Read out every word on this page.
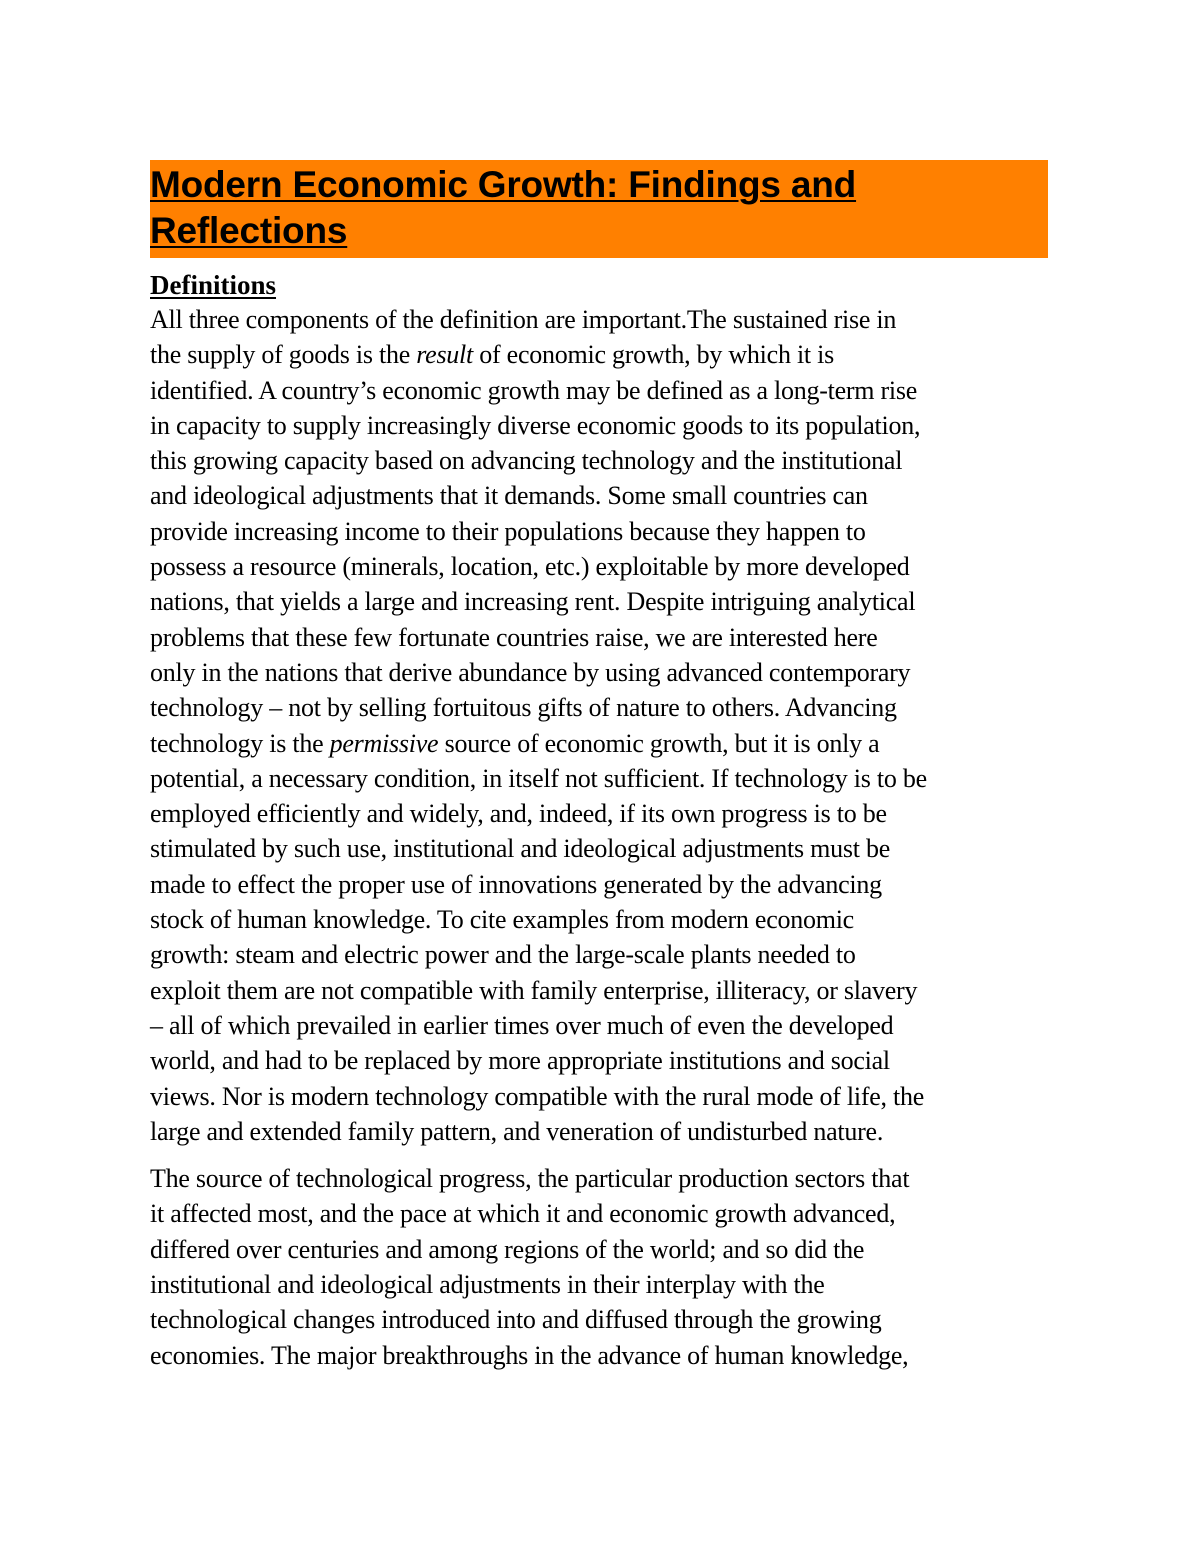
Modern Economic Growth: Findings and
Reflections
Definitions

All three components of the definition are important.The sustained rise in
the supply of goods is the result of economic growth, by which it is
identified. A country’s economic growth may be defined as a long-term rise
in capacity to supply increasingly diverse economic goods to its population,
this growing capacity based on advancing technology and the institutional
and ideological adjustments that it demands. Some small countries can
provide increasing income to their populations because they happen to
possess a resource (minerals, location, etc.) exploitable by more developed
nations, that yields a large and increasing rent. Despite intriguing analytical
problems that these few fortunate countries raise, we are interested here
only in the nations that derive abundance by using advanced contemporary
technology – not by selling fortuitous gifts of nature to others. Advancing
technology is the permissive source of economic growth, but it is only a
potential, a necessary condition, in itself not sufficient. If technology is to be
employed efficiently and widely, and, indeed, if its own progress is to be
stimulated by such use, institutional and ideological adjustments must be
made to effect the proper use of innovations generated by the advancing
stock of human knowledge. To cite examples from modern economic
growth: steam and electric power and the large-scale plants needed to
exploit them are not compatible with family enterprise, illiteracy, or slavery
– all of which prevailed in earlier times over much of even the developed
world, and had to be replaced by more appropriate institutions and social
views. Nor is modern technology compatible with the rural mode of life, the
large and extended family pattern, and veneration of undisturbed nature.

The source of technological progress, the particular production sectors that
it affected most, and the pace at which it and economic growth advanced,
differed over centuries and among regions of the world; and so did the
institutional and ideological adjustments in their interplay with the
technological changes introduced into and diffused through the growing
economies. The major breakthroughs in the advance of human knowledge,
